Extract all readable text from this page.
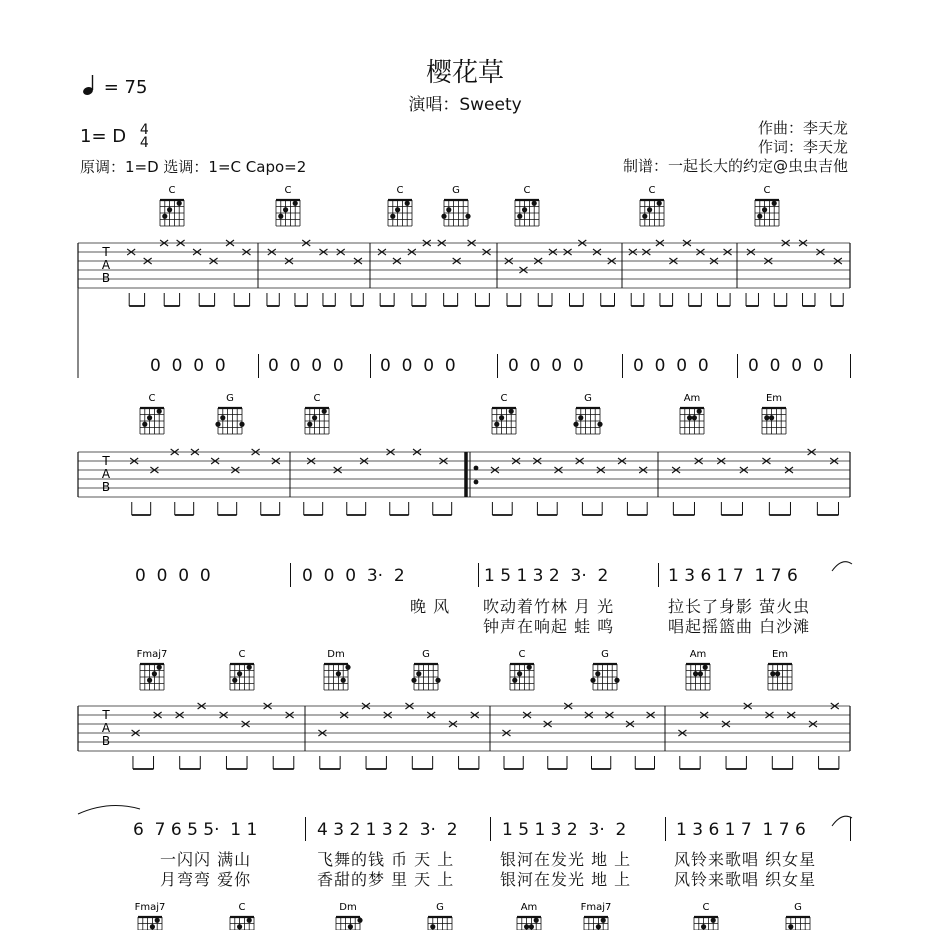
樱花草
演唱：Sweety
= 75
1= D 4
4
原调：1=D 选调：1=C Capo=2
作曲：李天龙
作词：李天龙
制谱：一起长大的约定@虫虫吉他
T
A
B
C	C	C	G	C	C	C
T
A
B
C	G	C	C	G	Am	Em
T
A
B
Fmaj7	C	Dm	G	C	G	Am	Em
Fmaj7	C	Dm	G	Am	Fmaj7	C	G
0  0  0  0 0  0  0  0 0  0  0  0	0  0  0  0	0  0  0  0 0  0  0  0
0  0  0  0	0  0  0  3·  2	1 5 1 3 2  3·  2	1 3 6 1 7  1 7 6
晚 风 吹动着竹林 月 光	拉长了身影 萤火虫
钟声在响起 蛙 鸣	唱起摇篮曲 白沙滩
6  7 6 5 5·  1 1	4 3 2 1 3 2  3·  2	1 5 1 3 2  3·  2	1 3 6 1 7  1 7 6
一闪闪 满山	飞舞的钱 币 天 上	银河在发光 地 上	风铃来歌唱 织女星
月弯弯 爱你	香甜的梦 里 天 上	银河在发光 地 上	风铃来歌唱 织女星
